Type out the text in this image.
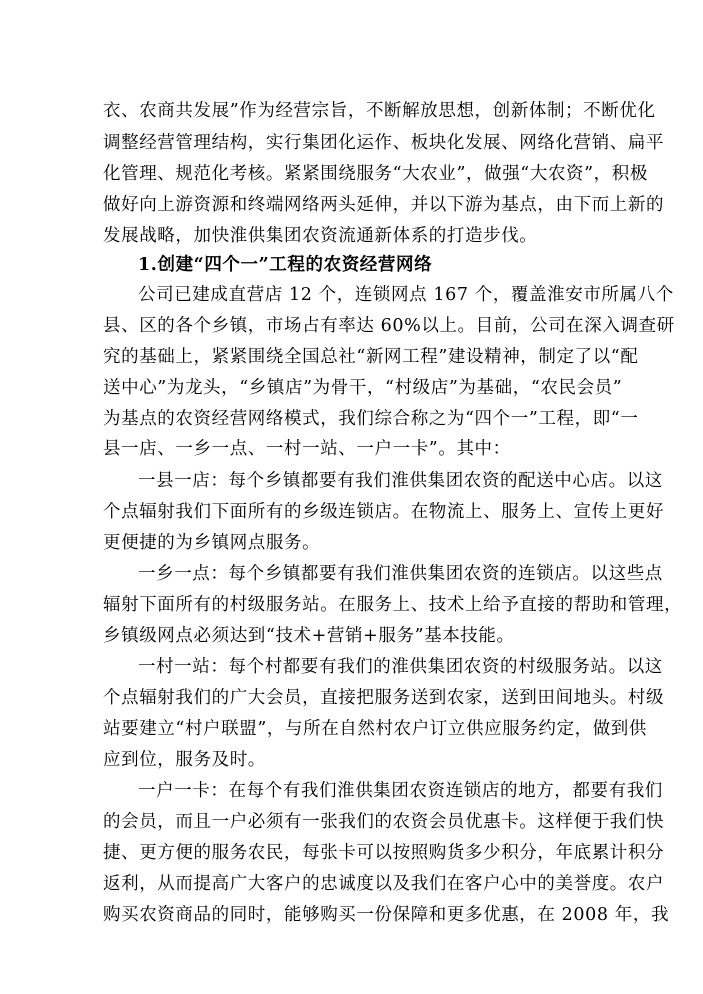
衣、农商共发展”作为经营宗旨，不断解放思想，创新体制；不断优化
调整经营管理结构，实行集团化运作、板块化发展、网络化营销、扁平
化管理、规范化考核。紧紧围绕服务“大农业”，做强“大农资”，积极
做好向上游资源和终端网络两头延伸，并以下游为基点，由下而上新的
发展战略，加快淮供集团农资流通新体系的打造步伐。
1.创建“四个一”工程的农资经营网络
公司已建成直营店 12 个，连锁网点 167 个，覆盖淮安市所属八个
县、区的各个乡镇，市场占有率达 60%以上。目前，公司在深入调查研
究的基础上，紧紧围绕全国总社“新网工程”建设精神，制定了以“配
送中心”为龙头，“乡镇店”为骨干，“村级店”为基础，“农民会员”
为基点的农资经营网络模式，我们综合称之为“四个一”工程，即“一
县一店、一乡一点、一村一站、一户一卡”。其中：
一县一店：每个乡镇都要有我们淮供集团农资的配送中心店。以这
个点辐射我们下面所有的乡级连锁店。在物流上、服务上、宣传上更好
更便捷的为乡镇网点服务。
一乡一点：每个乡镇都要有我们淮供集团农资的连锁店。以这些点
辐射下面所有的村级服务站。在服务上、技术上给予直接的帮助和管理，
乡镇级网点必须达到“技术+营销+服务”基本技能。
一村一站：每个村都要有我们的淮供集团农资的村级服务站。以这
个点辐射我们的广大会员，直接把服务送到农家，送到田间地头。村级
站要建立“村户联盟”，与所在自然村农户订立供应服务约定，做到供
应到位，服务及时。
一户一卡：在每个有我们淮供集团农资连锁店的地方，都要有我们
的会员，而且一户必须有一张我们的农资会员优惠卡。这样便于我们快
捷、更方便的服务农民，每张卡可以按照购货多少积分，年底累计积分
返利，从而提高广大客户的忠诚度以及我们在客户心中的美誉度。农户
购买农资商品的同时，能够购买一份保障和更多优惠，在 2008 年，我
